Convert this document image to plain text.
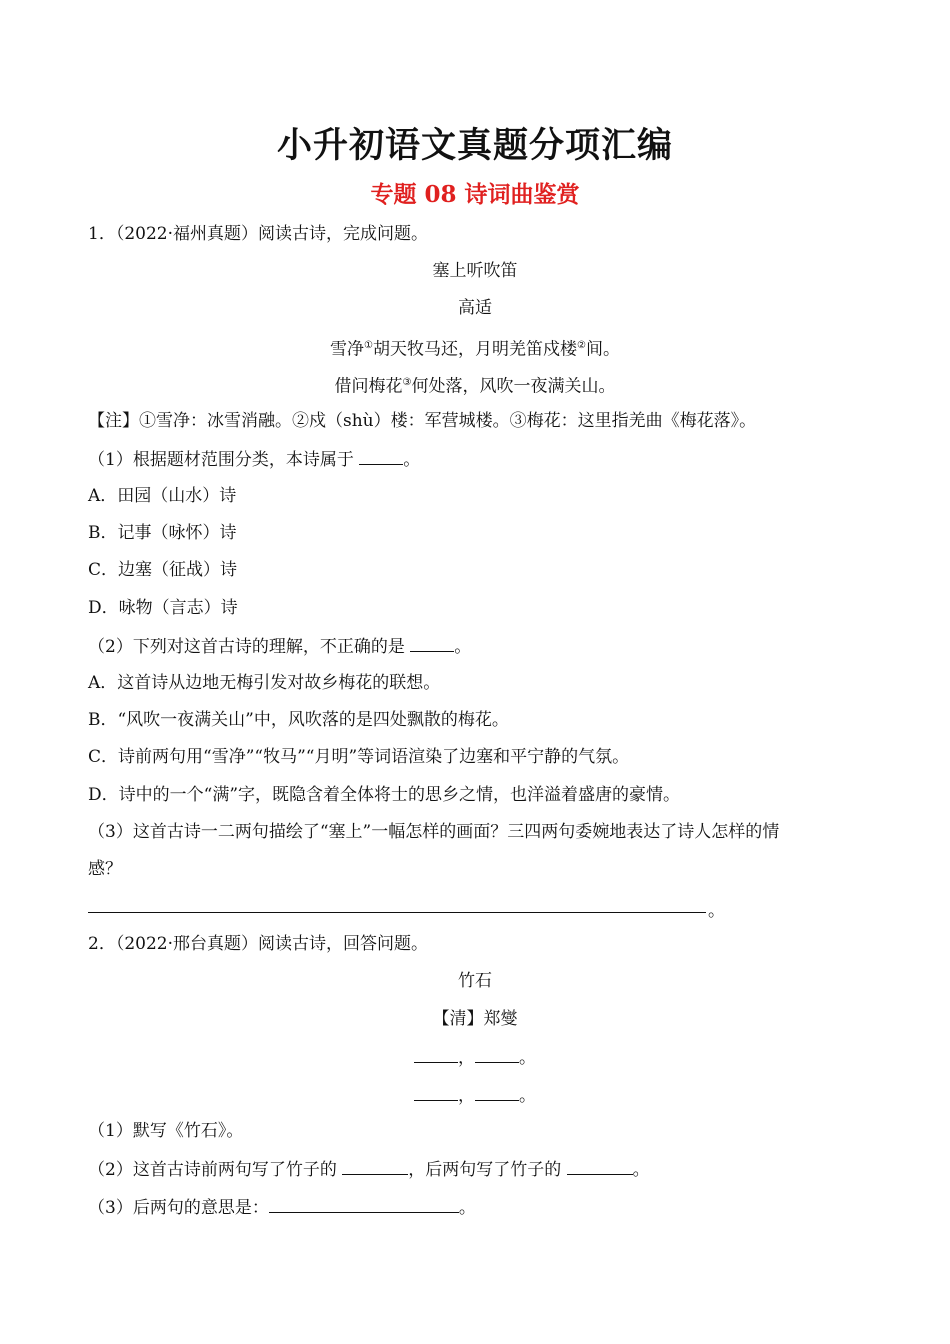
小升初语文真题分项汇编
专题 08 诗词曲鉴赏
1．（2022·福州真题）阅读古诗，完成问题。
塞上听吹笛
高适
雪净①胡天牧马还，月明羌笛戍楼②间。
借问梅花③何处落，风吹一夜满关山。
【注】①雪净：冰雪消融。②戍（shù）楼：军营城楼。③梅花：这里指羌曲《梅花落》。
（1）根据题材范围分类，本诗属于	。
A．田园（山水）诗
B．记事（咏怀）诗
C．边塞（征战）诗
D．咏物（言志）诗
（2）下列对这首古诗的理解，不正确的是	。
A．这首诗从边地无梅引发对故乡梅花的联想。
B．“风吹一夜满关山”中，风吹落的是四处飘散的梅花。
C．诗前两句用“雪净”“牧马”“月明”等词语渲染了边塞和平宁静的气氛。
D．诗中的一个“满”字，既隐含着全体将士的思乡之情，也洋溢着盛唐的豪情。
（3）这首古诗一二两句描绘了“塞上”一幅怎样的画面？三四两句委婉地表达了诗人怎样的情
感？
。
2．（2022·邢台真题）阅读古诗，回答问题。
竹石
【清】郑燮
，	。
，	。
（1）默写《竹石》。
（2）这首古诗前两句写了竹子的	，后两句写了竹子的	。
（3）后两句的意思是：	。
